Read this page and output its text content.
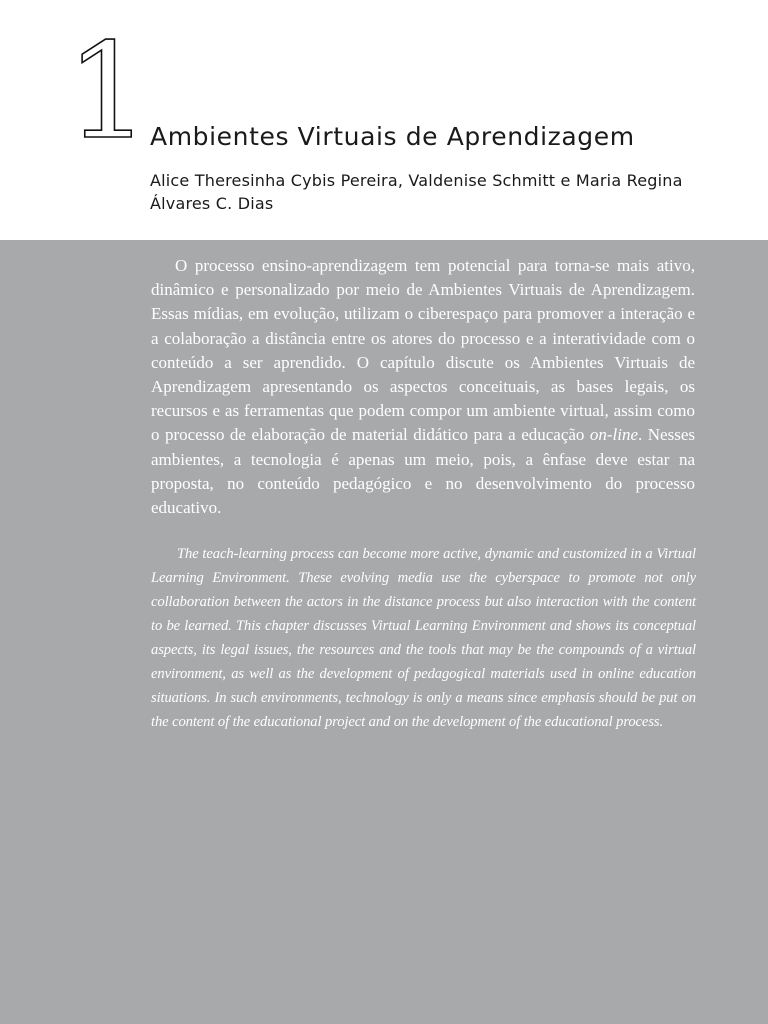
1 Ambientes Virtuais de Aprendizagem
Alice Theresinha Cybis Pereira, Valdenise Schmitt e Maria Regina Álvares C. Dias

O processo ensino-aprendizagem tem potencial para torna-se mais ativo, dinâmico e personalizado por meio de Ambientes Virtuais de Aprendizagem. Essas mídias, em evolução, utilizam o ciberespaço para promover a interação e a colaboração a distância entre os atores do processo e a interatividade com o conteúdo a ser aprendido. O capítulo discute os Ambientes Virtuais de Aprendizagem apresentando os aspectos conceituais, as bases legais, os recursos e as ferramentas que podem compor um ambiente virtual, assim como o processo de elaboração de material didático para a educação on-line. Nesses ambientes, a tecnologia é apenas um meio, pois, a ênfase deve estar na proposta, no conteúdo pedagógico e no desenvolvimento do processo educativo.

The teach-learning process can become more active, dynamic and customized in a Virtual Learning Environment. These evolving media use the cyberspace to promote not only collaboration between the actors in the distance process but also interaction with the content to be learned. This chapter discusses Virtual Learning Environment and shows its conceptual aspects, its legal issues, the resources and the tools that may be the compounds of a virtual environment, as well as the development of pedagogical materials used in online education situations. In such environments, technology is only a means since emphasis should be put on the content of the educational project and on the development of the educational process.
